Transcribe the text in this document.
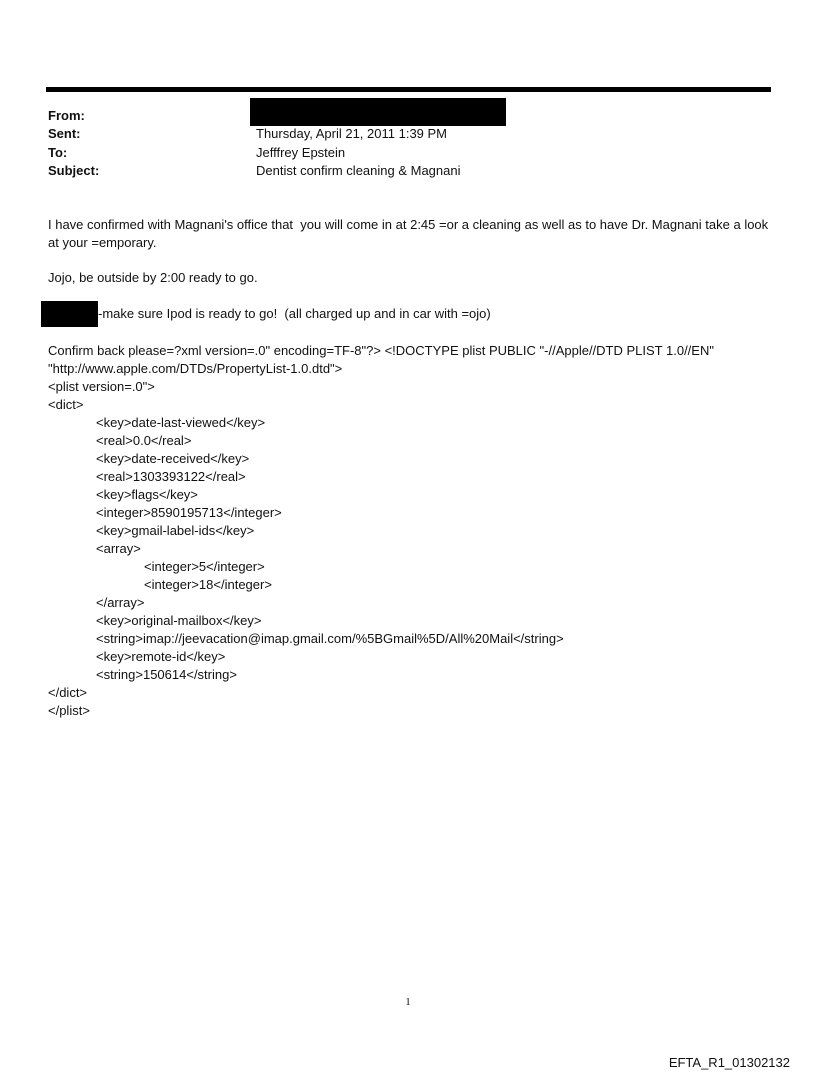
From:
Sent:	Thursday, April 21, 2011 1:39 PM
To:	Jefffrey Epstein
Subject:	Dentist confirm cleaning & Magnani
I have confirmed with Magnani's office that  you will come in at 2:45 =or a cleaning as well as to have Dr. Magnani take a look at your =emporary.
Jojo, be outside by 2:00 ready to go.
-make sure Ipod is ready to go!  (all charged up and in car with =ojo)
Confirm back please=?xml version=.0" encoding=TF-8"?> <!DOCTYPE plist PUBLIC "-//Apple//DTD PLIST 1.0//EN"
"http://www.apple.com/DTDs/PropertyList-1.0.dtd">
<plist version=.0">
<dict>
<key>date-last-viewed</key>
<real>0.0</real>
<key>date-received</key>
<real>1303393122</real>
<key>flags</key>
<integer>8590195713</integer>
<key>gmail-label-ids</key>
<array>
<integer>5</integer>
<integer>18</integer>
</array>
<key>original-mailbox</key>
<string>imap://jeevacation@imap.gmail.com/%5BGmail%5D/All%20Mail</string>
<key>remote-id</key>
<string>150614</string>
</dict>
</plist>
1
EFTA_R1_01302132
